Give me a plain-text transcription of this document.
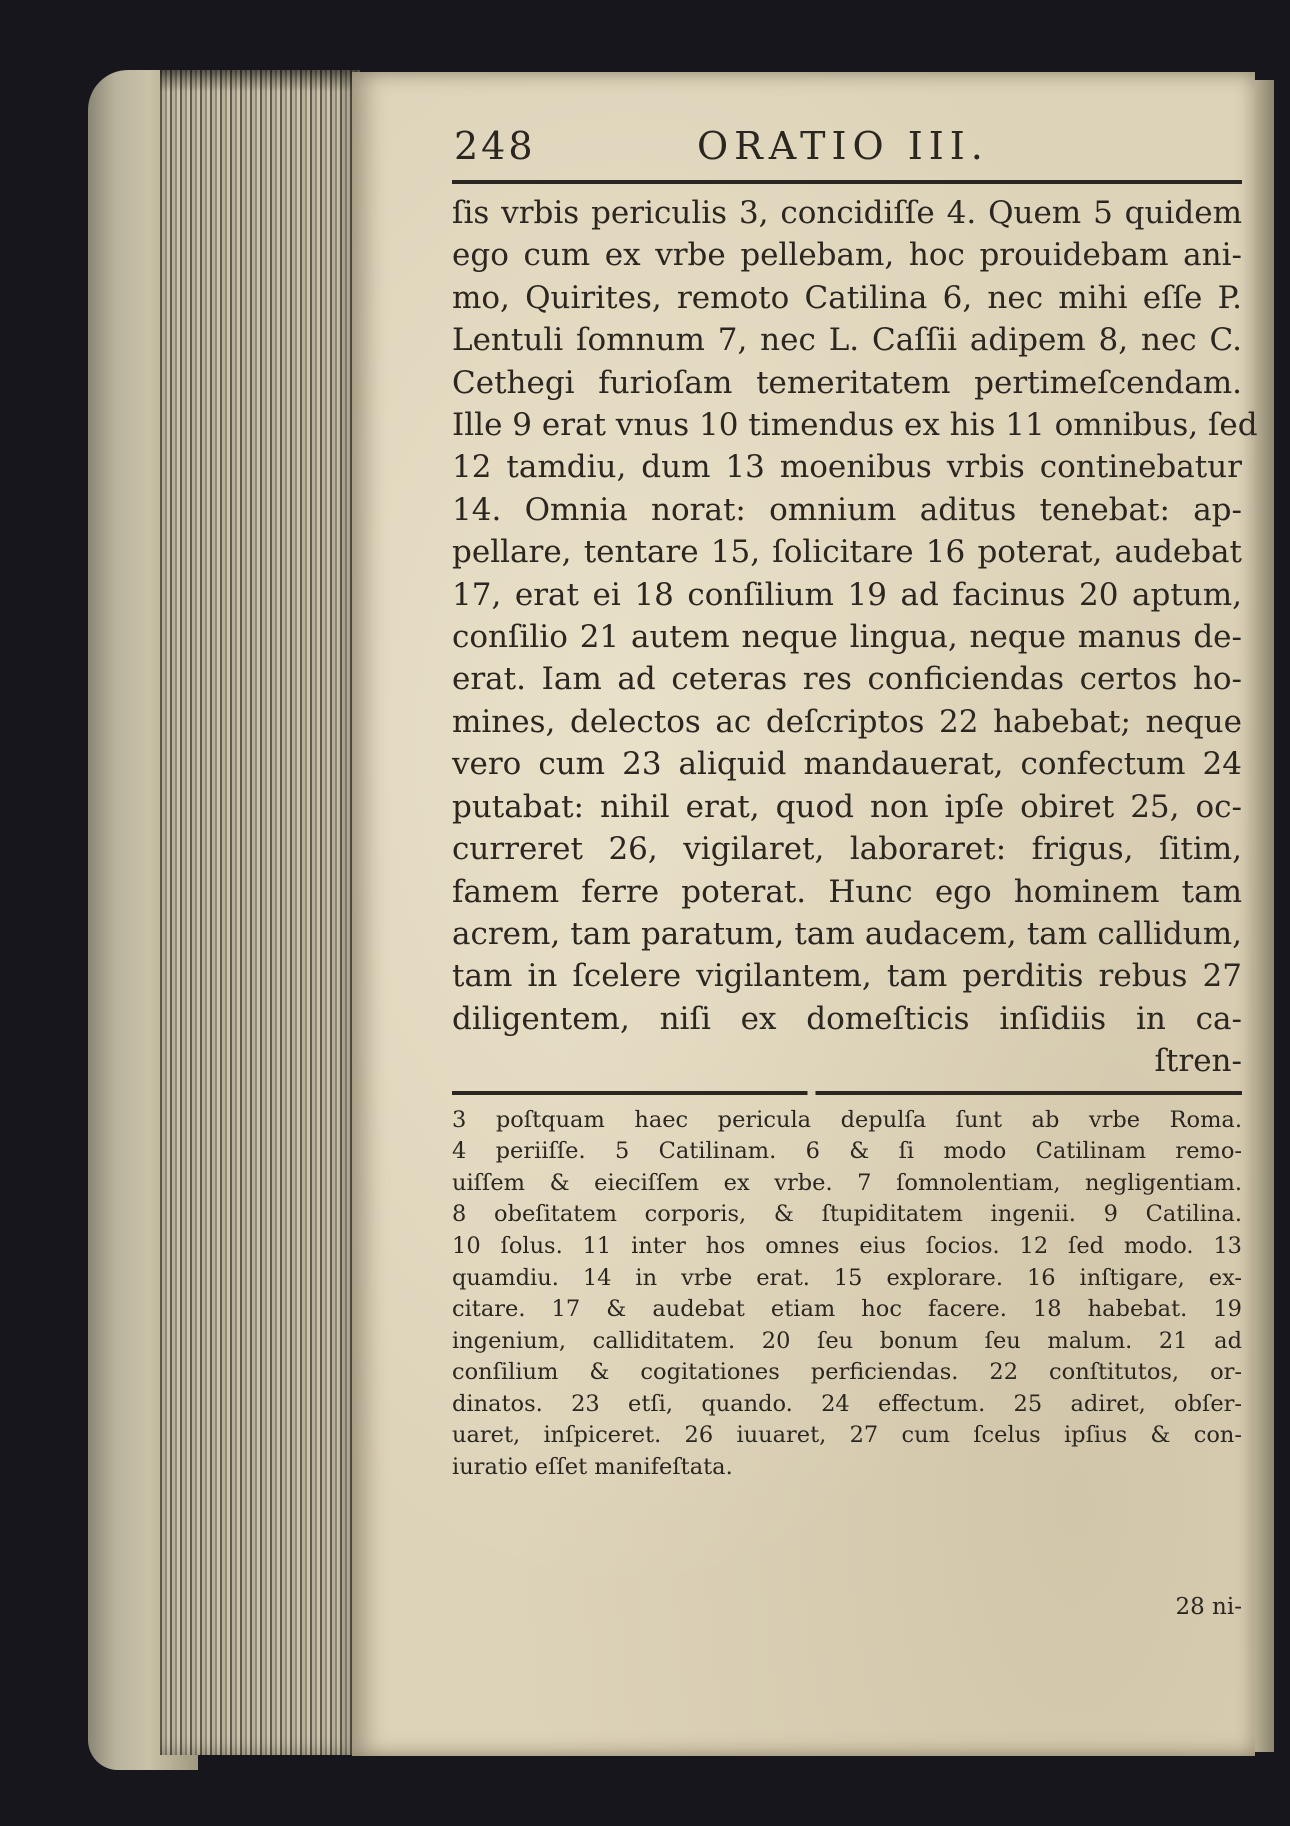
248	ORATIO III.
ſis vrbis periculis 3, concidiſſe 4. Quem 5 quidem
ego cum ex vrbe pellebam, hoc prouidebam ani-
mo, Quirites, remoto Catilina 6, nec mihi eſſe P.
Lentuli ſomnum 7, nec L. Caſſii adipem 8, nec C.
Cethegi furioſam temeritatem pertimeſcendam.
Ille 9 erat vnus 10 timendus ex his 11 omnibus, ſed
12 tamdiu, dum 13 moenibus vrbis continebatur
14. Omnia norat: omnium aditus tenebat: ap-
pellare, tentare 15, ſolicitare 16 poterat, audebat
17, erat ei 18 conſilium 19 ad facinus 20 aptum,
conſilio 21 autem neque lingua, neque manus de-
erat. Iam ad ceteras res conficiendas certos ho-
mines, delectos ac deſcriptos 22 habebat; neque
vero cum 23 aliquid mandauerat, confectum 24
putabat: nihil erat, quod non ipſe obiret 25, oc-
curreret 26, vigilaret, laboraret: frigus, ſitim,
famem ferre poterat. Hunc ego hominem tam
acrem, tam paratum, tam audacem, tam callidum,
tam in ſcelere vigilantem, tam perditis rebus 27
diligentem, niſi ex domeſticis inſidiis in ca-
ſtren-
3 poſtquam haec pericula depulſa ſunt ab vrbe Roma.
4 periiſſe. 5 Catilinam. 6 & ſi modo Catilinam remo-
uiſſem & eieciſſem ex vrbe. 7 ſomnolentiam, negligentiam.
8 obeſitatem corporis, & ſtupiditatem ingenii. 9 Catilina.
10 ſolus. 11 inter hos omnes eius ſocios. 12 ſed modo. 13
quamdiu. 14 in vrbe erat. 15 explorare. 16 inſtigare, ex-
citare. 17 & audebat etiam hoc facere. 18 habebat. 19
ingenium, calliditatem. 20 ſeu bonum ſeu malum. 21 ad
conſilium & cogitationes perficiendas. 22 conſtitutos, or-
dinatos. 23 etſi, quando. 24 effectum. 25 adiret, obſer-
uaret, inſpiceret. 26 iuuaret, 27 cum ſcelus ipſius & con-
iuratio eſſet manifeſtata.
28 ni-
